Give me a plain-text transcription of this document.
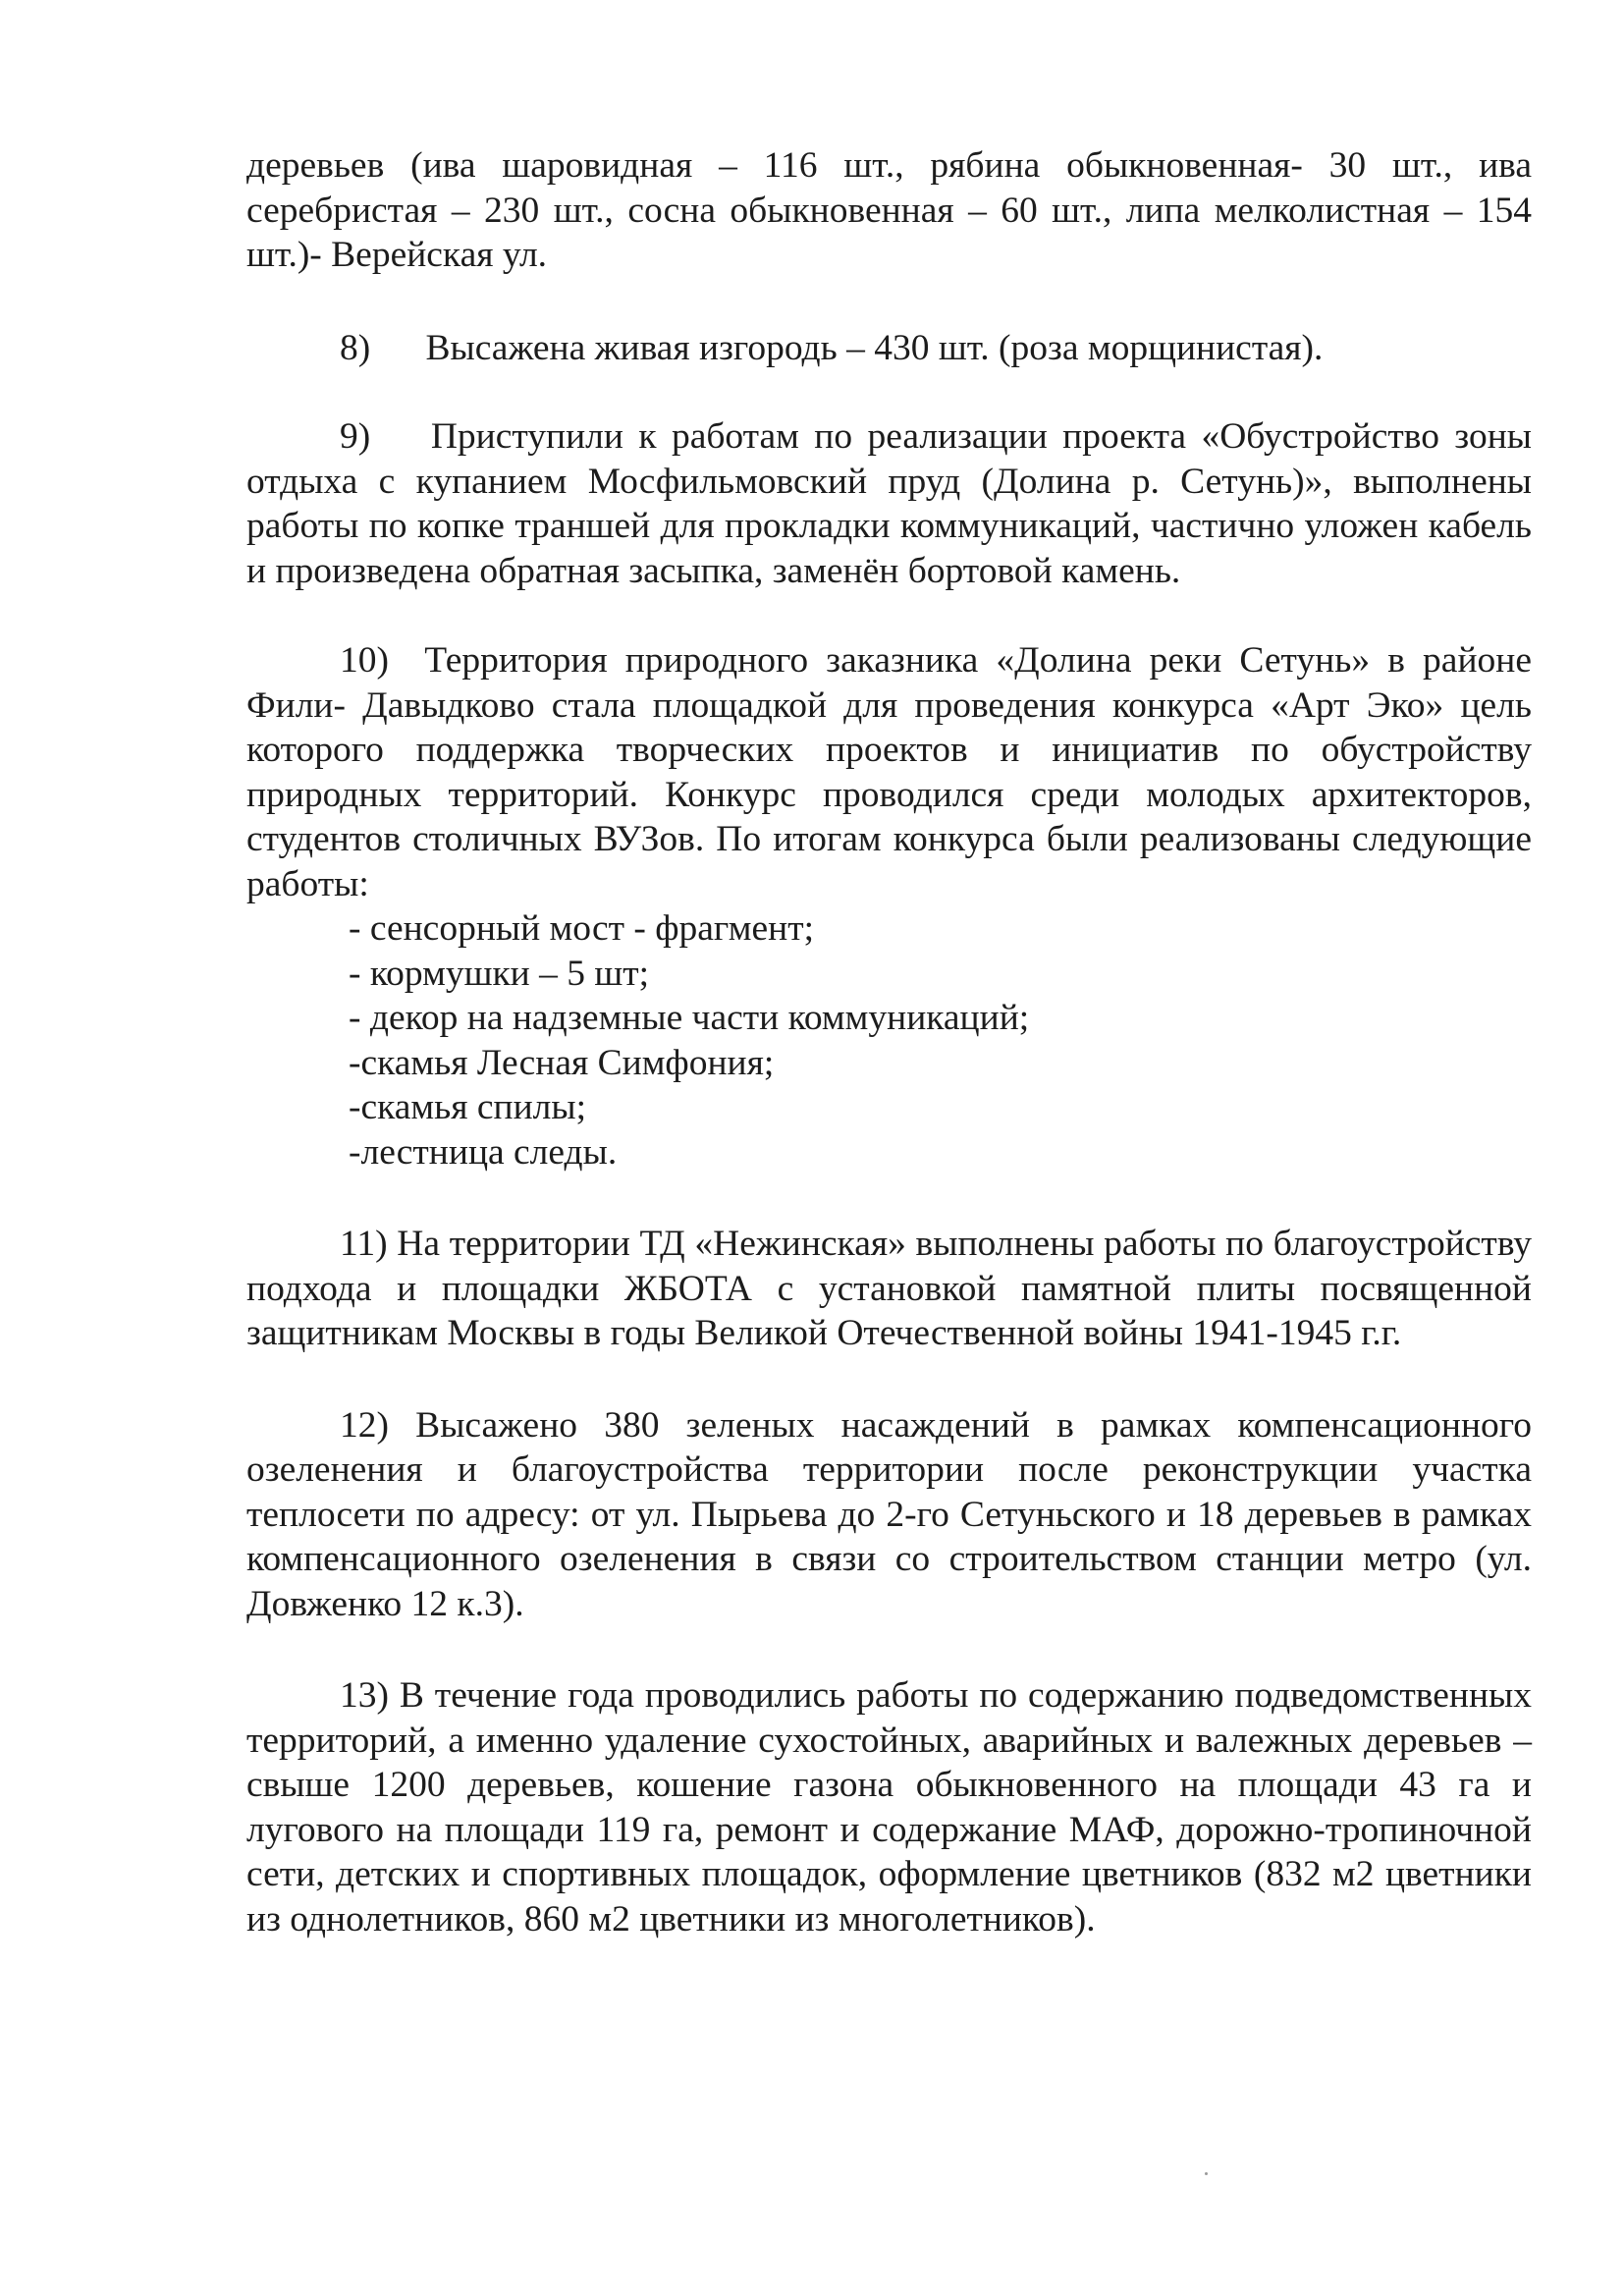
деревьев (ива шаровидная – 116 шт., рябина обыкновенная- 30 шт., ива серебристая – 230 шт., сосна обыкновенная – 60 шт., липа мелколистная – 154 шт.)- Верейская ул.

8)      Высажена живая изгородь – 430 шт. (роза морщинистая).

9)    Приступили к работам по реализации проекта «Обустройство зоны отдыха с купанием Мосфильмовский пруд (Долина р. Сетунь)», выполнены работы по копке траншей для прокладки коммуникаций, частично уложен кабель и произведена обратная засыпка, заменён бортовой камень.

10)  Территория природного заказника «Долина реки Сетунь» в районе Фили- Давыдково стала площадкой для проведения конкурса «Арт Эко» цель которого поддержка творческих проектов и инициатив по обустройству природных территорий. Конкурс проводился среди молодых архитекторов, студентов столичных ВУЗов. По итогам конкурса были реализованы следующие работы:

- сенсорный мост - фрагмент;
- кормушки – 5 шт;
- декор на надземные части коммуникаций;
-скамья Лесная Симфония;
-скамья спилы;
-лестница следы.

11) На территории ТД «Нежинская» выполнены работы по благоустройству подхода и площадки ЖБОТА с установкой памятной плиты посвященной защитникам Москвы в годы Великой Отечественной войны 1941-1945 г.г.

12) Высажено 380 зеленых насаждений в рамках компенсационного озеленения и благоустройства территории после реконструкции участка теплосети по адресу: от ул. Пырьева до 2-го Сетуньского и 18 деревьев в рамках компенсационного озеленения в связи со строительством станции метро (ул. Довженко 12 к.3).

13) В течение года проводились работы по содержанию подведомственных территорий, а именно удаление сухостойных, аварийных и валежных деревьев – свыше 1200 деревьев, кошение газона обыкновенного на площади 43 га и лугового на площади 119 га, ремонт и содержание МАФ, дорожно-тропиночной сети, детских и спортивных площадок, оформление цветников (832 м2 цветники из однолетников, 860 м2 цветники из многолетников).
